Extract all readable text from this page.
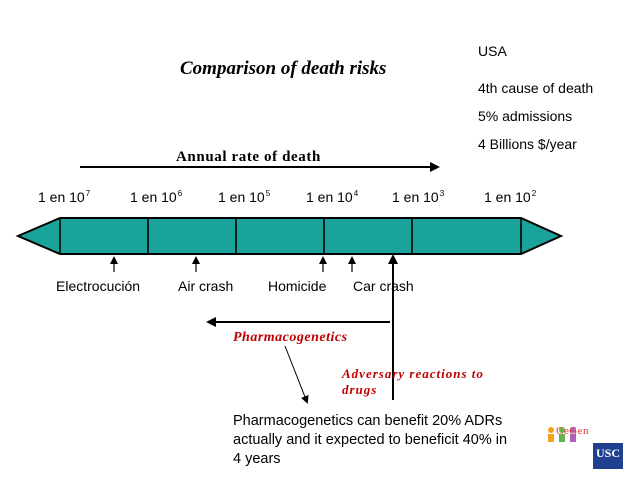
Comparison of death risks
USA
4th cause of death
5% admissions
4 Billions $/year
Annual rate of death
1 en $10^7$	1 en $10^6$	1 en $10^5$	1 en $10^4$ 1 en $10^3$	1 en $10^2$
Electrocución	Air crash Homicide Car crash
Pharmacogenetics
Adversary reactions to drugs
Pharmacogenetics can benefit 20% ADRs
actually and it expected to beneficit 40% in
4 years
CeGen
USC
